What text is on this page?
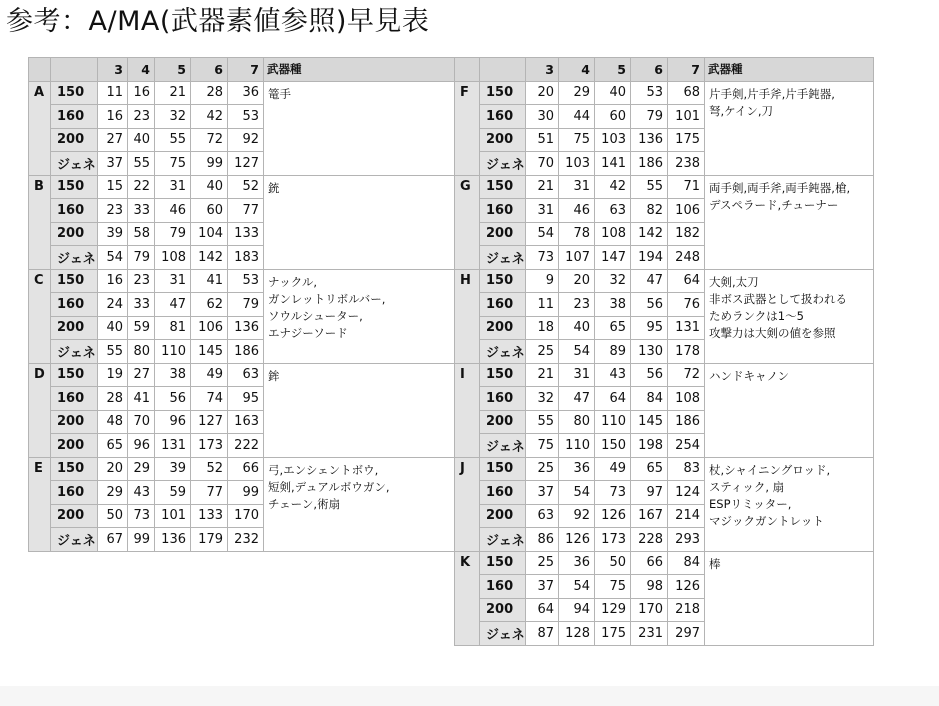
参考：A/MA(武器素値参照)早見表
		3	4	5	6	7	武器種
A	150	11	16	21	28	36	篭手

	160	16	23	32	42	53	
	200	27	40	55	72	92	
	ジェネ	37	55	75	99	127	
B	150	15	22	31	40	52	銃

	160	23	33	46	60	77	
	200	39	58	79	104	133	
	ジェネ	54	79	108	142	183	
C	150	16	23	31	41	53	ナックル,
ガンレットリボルバー,
ソウルシューター,
エナジーソード

	160	24	33	47	62	79	
	200	40	59	81	106	136	
	ジェネ	55	80	110	145	186	
D	150	19	27	38	49	63	鉾

	160	28	41	56	74	95	
	200	48	70	96	127	163	
	200	65	96	131	173	222	
E	150	20	29	39	52	66	弓,エンシェントボウ,
短剣,デュアルボウガン,
チェーン,術扇

	160	29	43	59	77	99	
	200	50	73	101	133	170	
	ジェネ	67	99	136	179	232	
		3	4	5	6	7	武器種
F	150	20	29	40	53	68	片手剣,片手斧,片手鈍器,
弩,ケイン,刀

	160	30	44	60	79	101	
	200	51	75	103	136	175	
	ジェネ	70	103	141	186	238	
G	150	21	31	42	55	71	両手剣,両手斧,両手鈍器,槍,
デスペラード,チューナー

	160	31	46	63	82	106	
	200	54	78	108	142	182	
	ジェネ	73	107	147	194	248	
H	150	9	20	32	47	64	大剣,太刀
非ボス武器として扱われる
ためランクは1～5
攻撃力は大剣の値を参照

	160	11	23	38	56	76	
	200	18	40	65	95	131	
	ジェネ	25	54	89	130	178	
I	150	21	31	43	56	72	ハンドキャノン

	160	32	47	64	84	108	
	200	55	80	110	145	186	
	ジェネ	75	110	150	198	254	
J	150	25	36	49	65	83	杖,シャイニングロッド,
スティック, 扇
ESPリミッター,
マジックガントレット

	160	37	54	73	97	124	
	200	63	92	126	167	214	
	ジェネ	86	126	173	228	293	
K	150	25	36	50	66	84	棒

	160	37	54	75	98	126	
	200	64	94	129	170	218	
	ジェネ	87	128	175	231	297	
